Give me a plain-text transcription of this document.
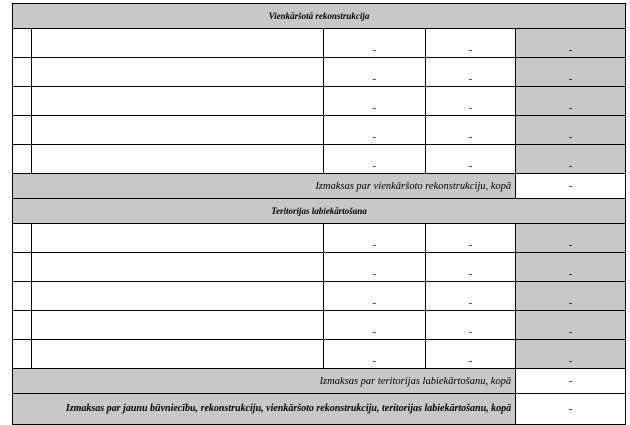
Vienkāršotā rekonstrukcija				
		-	-	-
		-	-	-
		-	-	-
		-	-	-
		-	-	-
Izmaksas par vienkāršoto rekonstrukciju, kopā				-
Teritorijas labiekārtošana				
		-	-	-
		-	-	-
		-	-	-
		-	-	-
		-	-	-
Izmaksas par teritorijas labiekārtošanu, kopā				-
Izmaksas par jaunu būvniecību, rekonstrukciju, vienkāršoto rekonstrukciju, teritorijas labiekārtošanu, kopā				-
